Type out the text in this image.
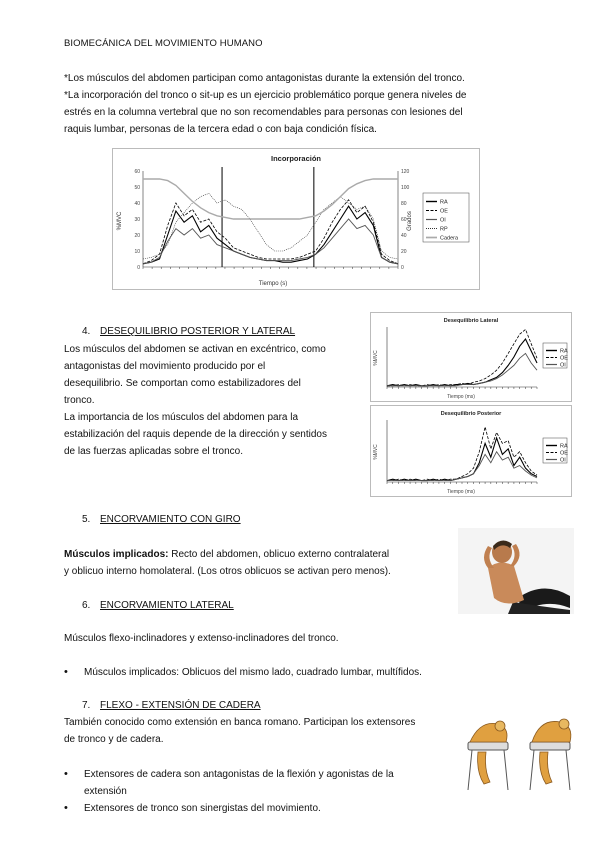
BIOMECÁNICA DEL MOVIMIENTO HUMANO
*Los músculos del abdomen participan como antagonistas durante la extensión del tronco.
*La incorporación del tronco o sit-up es un ejercicio problemático porque genera niveles de
estrés en la columna vertebral que no son recomendables para personas con lesiones del
raquis lumbar, personas de la tercera edad o con baja condición física.
Incorporación
%MVC	Grados
Tiempo (s)
60
50
40
30
20
10
0
120
100
80
60
40
20
0
RA
OE
OI
RP
Cadera
4. DESEQUILIBRIO POSTERIOR Y LATERAL
Los músculos del abdomen se activan en excéntrico, como
antagonistas del movimiento producido por el
desequilibrio. Se comportan como estabilizadores del
tronco.
La importancia de los músculos del abdomen para la
estabilización del raquis depende de la dirección y sentidos
de las fuerzas aplicadas sobre el tronco.
Desequilibrio Lateral
%MVC
Tiempo (ms)
RA
OE
OI
Desequilibrio Posterior
%MVC
Tiempo (ms)
RA
OE
OI
5. ENCORVAMIENTO CON GIRO
Músculos implicados: Recto del abdomen, oblicuo externo contralateral
y oblicuo interno homolateral. (Los otros oblicuos se activan pero menos).
6. ENCORVAMIENTO LATERAL
Músculos flexo-inclinadores y extenso-inclinadores del tronco.
• Músculos implicados: Oblicuos del mismo lado, cuadrado lumbar, multífidos.
7. FLEXO - EXTENSIÓN DE CADERA
También conocido como extensión en banca romano. Participan los extensores
de tronco y de cadera.
• Extensores de cadera son antagonistas de la flexión y agonistas de la
extensión
• Extensores de tronco son sinergistas del movimiento.
